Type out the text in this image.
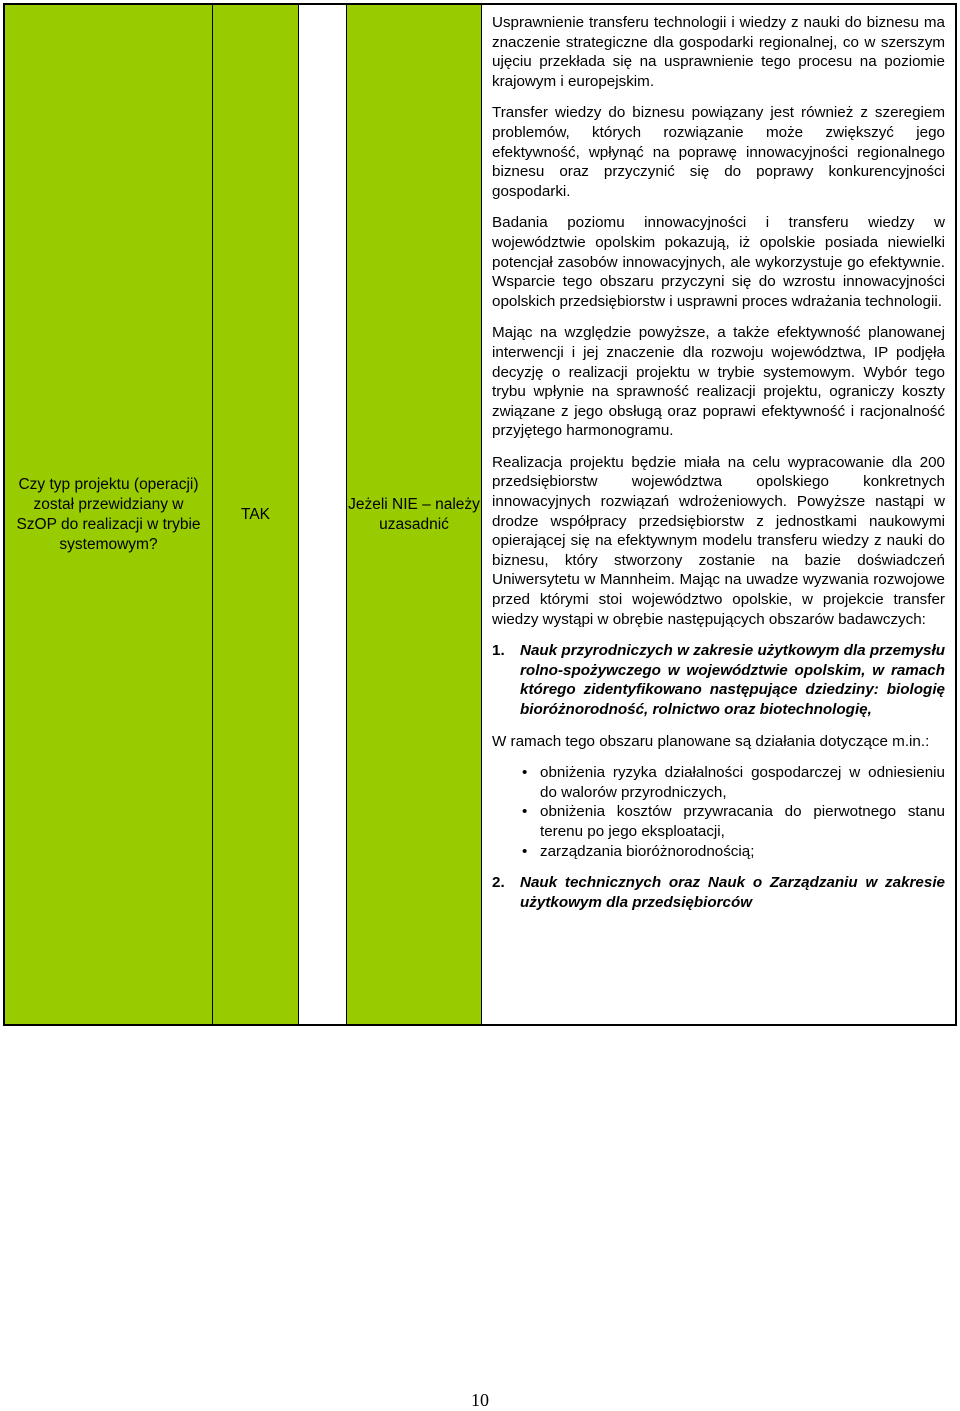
Czy typ projektu (operacji) został przewidziany w SzOP do realizacji w trybie systemowym?
TAK
Jeżeli NIE – należy uzasadnić

Usprawnienie transferu technologii i wiedzy z nauki do biznesu ma znaczenie strategiczne dla gospodarki regionalnej, co w szerszym ujęciu przekłada się na usprawnienie tego procesu na poziomie krajowym i europejskim.

Transfer wiedzy do biznesu powiązany jest również z szeregiem problemów, których rozwiązanie może zwiększyć jego efektywność, wpłynąć na poprawę innowacyjności regionalnego biznesu oraz przyczynić się do poprawy konkurencyjności gospodarki.

Badania poziomu innowacyjności i transferu wiedzy w województwie opolskim pokazują, iż opolskie posiada niewielki potencjał zasobów innowacyjnych, ale wykorzystuje go efektywnie. Wsparcie tego obszaru przyczyni się do wzrostu innowacyjności opolskich przedsiębiorstw i usprawni proces wdrażania technologii.

Mając na względzie powyższe, a także efektywność planowanej interwencji i jej znaczenie dla rozwoju województwa, IP podjęła decyzję o realizacji projektu w trybie systemowym. Wybór tego trybu wpłynie na sprawność realizacji projektu, ograniczy koszty związane z jego obsługą oraz poprawi efektywność i racjonalność przyjętego harmonogramu.

Realizacja projektu będzie miała na celu wypracowanie dla 200 przedsiębiorstw województwa opolskiego konkretnych innowacyjnych rozwiązań wdrożeniowych. Powyższe nastąpi w drodze współpracy przedsiębiorstw z jednostkami naukowymi opierającej się na efektywnym modelu transferu wiedzy z nauki do biznesu, który stworzony zostanie na bazie doświadczeń Uniwersytetu w Mannheim. Mając na uwadze wyzwania rozwojowe przed którymi stoi województwo opolskie, w projekcie transfer wiedzy wystąpi w obrębie następujących obszarów badawczych:

1.	Nauk przyrodniczych w zakresie użytkowym dla przemysłu rolno-spożywczego w województwie opolskim, w ramach którego zidentyfikowano następujące dziedziny: biologię bioróżnorodność, rolnictwo oraz biotechnologię,

W ramach tego obszaru planowane są działania dotyczące m.in.:

• obniżenia ryzyka działalności gospodarczej w odniesieniu do walorów przyrodniczych,
• obniżenia kosztów przywracania do pierwotnego stanu terenu po jego eksploatacji,
• zarządzania bioróżnorodnością;
2.	Nauk technicznych oraz Nauk o Zarządzaniu w zakresie użytkowym dla przedsiębiorców
10
